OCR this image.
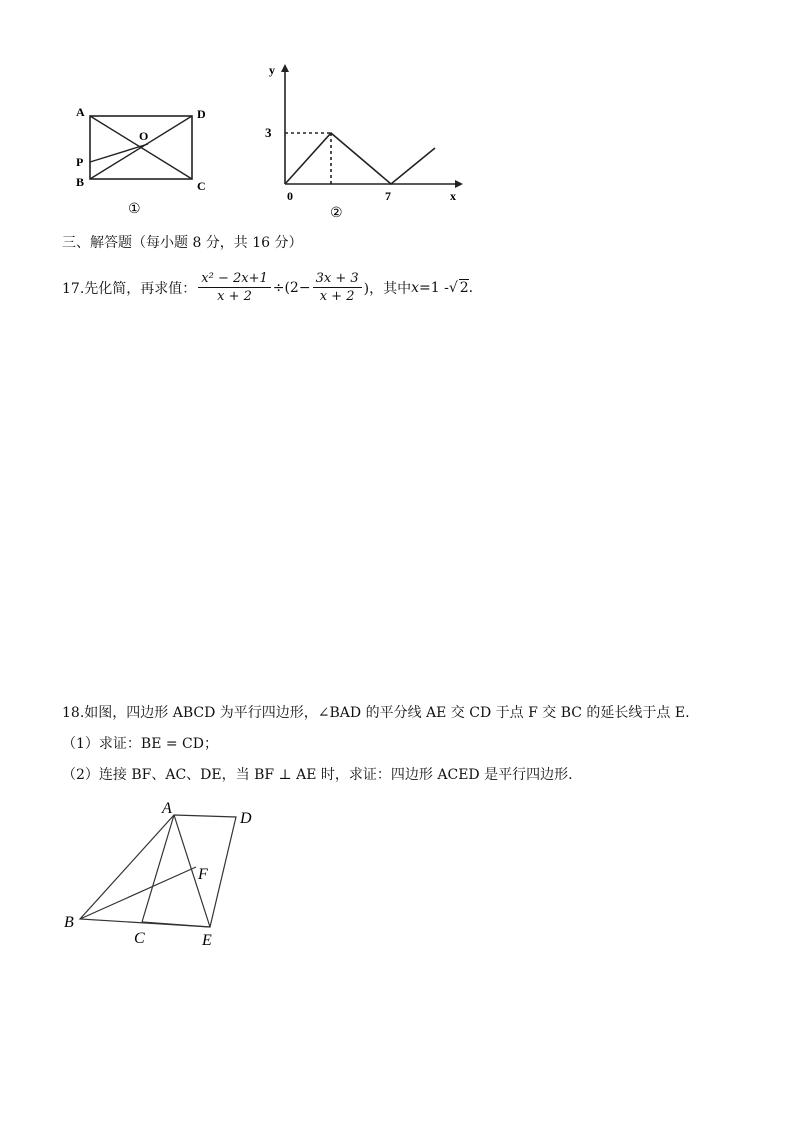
A	D
O
P
B	C
①
y
x
3
0	7
②
三、解答题（每小题 8 分，共 16 分）
17.先化简，再求值： $\frac{\text{x² − 2x+1}}{x + 2} \div(2- \frac{3x + 3}{x + 2}$ )，其中 x =1 - √ 2 .
18.如图，四边形 ABCD 为平行四边形，∠BAD 的平分线 AE 交 CD 于点 F 交 BC 的延长线于点 E.
（1）求证：BE = CD；
（2）连接 BF、AC、DE，当 BF ⊥ AE 时，求证：四边形 ACED 是平行四边形.
A
D
F
B
C	E
